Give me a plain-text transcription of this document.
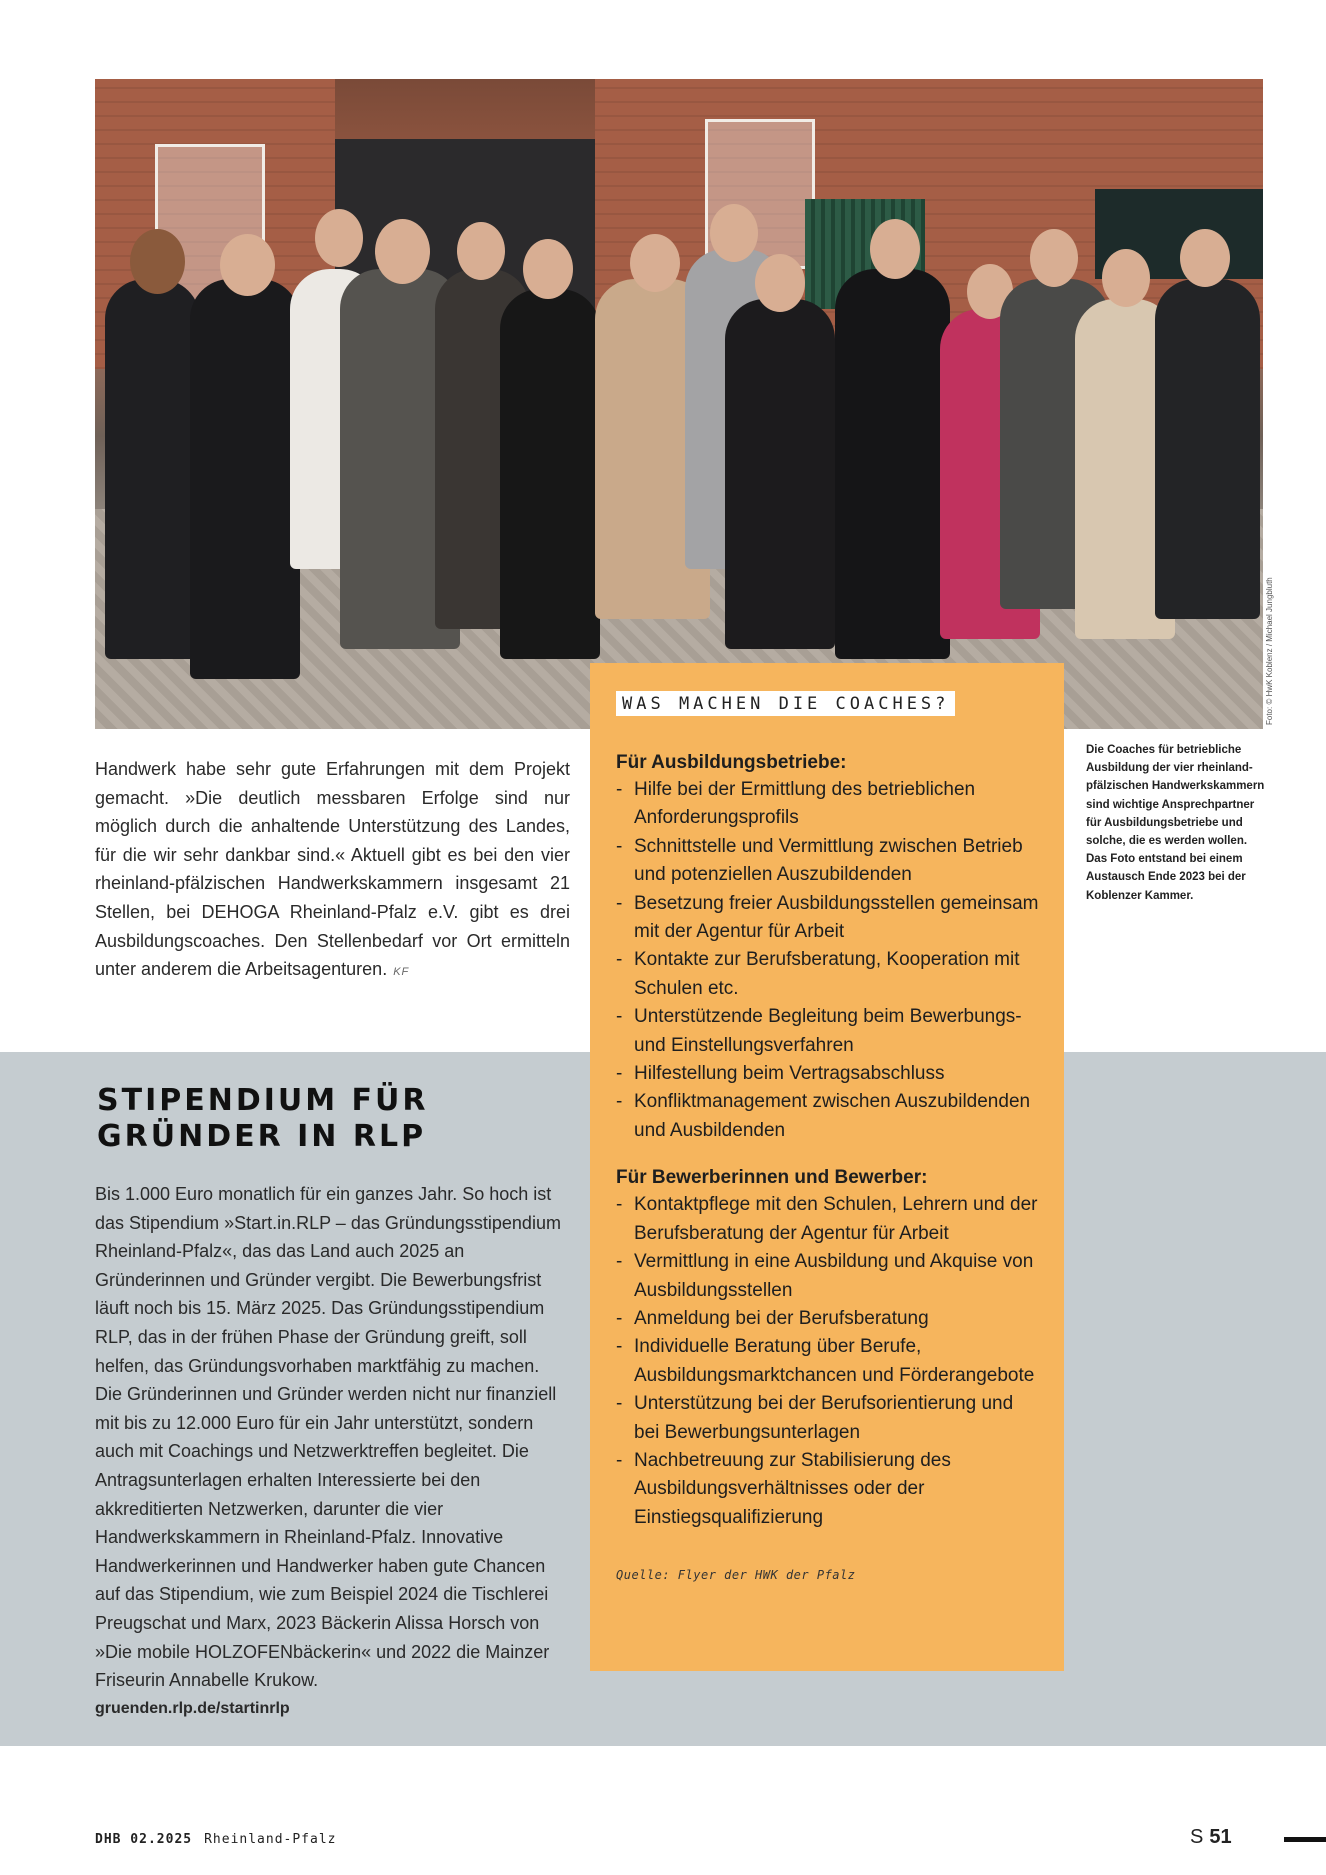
Foto: © HwK Koblenz / Michael Jungbluth
Handwerk habe sehr gute Erfahrungen mit dem Projekt gemacht. »Die deutlich messbaren Erfolge sind nur möglich durch die anhaltende Unterstützung des Landes, für die wir sehr dankbar sind.« Aktuell gibt es bei den vier rheinland-pfälzischen Handwerkskammern insgesamt 21 Stellen, bei DEHOGA Rheinland-Pfalz e.V. gibt es drei Ausbildungscoaches. Den Stellenbedarf vor Ort ermitteln unter anderem die Arbeitsagenturen. KF
STIPENDIUM FÜR
GRÜNDER IN RLP
Bis 1.000 Euro monatlich für ein ganzes Jahr. So hoch ist das Stipendium »Start.in.RLP – das Gründungsstipendium Rheinland-Pfalz«, das das Land auch 2025 an Gründerinnen und Gründer vergibt. Die Bewerbungsfrist läuft noch bis 15. März 2025. Das Gründungsstipendium RLP, das in der frühen Phase der Gründung greift, soll helfen, das Gründungsvorhaben marktfähig zu machen. Die Gründerinnen und Gründer werden nicht nur finanziell mit bis zu 12.000 Euro für ein Jahr unterstützt, sondern auch mit Coachings und Netzwerktreffen begleitet. Die Antragsunterlagen erhalten Interessierte bei den akkreditierten Netzwerken, darunter die vier Handwerkskammern in Rheinland-Pfalz. Innovative Handwerkerinnen und Handwerker haben gute Chancen auf das Stipendium, wie zum Beispiel 2024 die Tischlerei Preugschat und Marx, 2023 Bäckerin Alissa Horsch von »Die mobile HOLZOFENbäckerin« und 2022 die Mainzer Friseurin Annabelle Krukow.
gruenden.rlp.de/startinrlp
WAS MACHEN DIE COACHES?
Für Ausbildungsbetriebe:
- Hilfe bei der Ermittlung des betrieblichen Anforderungsprofils
- Schnittstelle und Vermittlung zwischen Betrieb und potenziellen Auszubildenden
- Besetzung freier Ausbildungsstellen gemeinsam mit der Agentur für Arbeit
- Kontakte zur Berufsberatung, Kooperation mit Schulen etc.
- Unterstützende Begleitung beim Bewerbungs- und Einstellungsverfahren
- Hilfestellung beim Vertragsabschluss
- Konfliktmanagement zwischen Auszubildenden und Ausbildenden
Für Bewerberinnen und Bewerber:
- Kontaktpflege mit den Schulen, Lehrern und der Berufsberatung der Agentur für Arbeit
- Vermittlung in eine Ausbildung und Akquise von Ausbildungsstellen
- Anmeldung bei der Berufsberatung
- Individuelle Beratung über Berufe, Ausbildungsmarktchancen und Förderangebote
- Unterstützung bei der Berufsorientierung und bei Bewerbungsunterlagen
- Nachbetreuung zur Stabilisierung des Ausbildungsverhältnisses oder der Einstiegsqualifizierung
Quelle: Flyer der HWK der Pfalz
Die Coaches für betriebliche Ausbildung der vier rheinland-pfälzischen Handwerkskammern sind wichtige Ansprechpartner für Ausbildungsbetriebe und solche, die es werden wollen. Das Foto entstand bei einem Austausch Ende 2023 bei der Koblenzer Kammer.
DHB 02.2025 Rheinland-Pfalz	S 51
